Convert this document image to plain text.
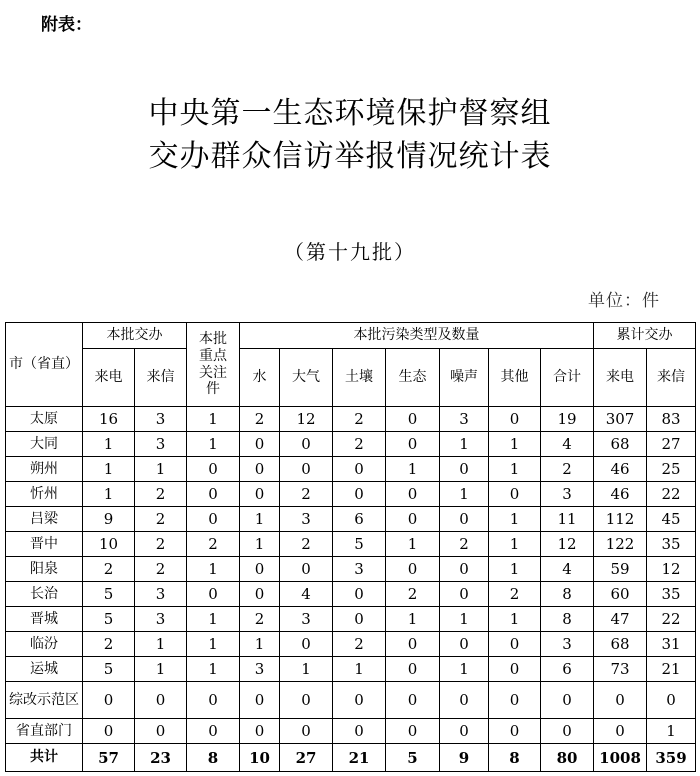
附表：
中央第一生态环境保护督察组
交办群众信访举报情况统计表
（第十九批）
单位：件
市（省直）	本批交办		本批重点关注件	本批污染类型及数量							累计交办	
	来电	来信		水	大气	土壤	生态	噪声	其他	合计	来电	来信
太原	16	3	1	2	12	2	0	3	0	19	307	83
大同	1	3	1	0	0	2	0	1	1	4	68	27
朔州	1	1	0	0	0	0	1	0	1	2	46	25
忻州	1	2	0	0	2	0	0	1	0	3	46	22
吕梁	9	2	0	1	3	6	0	0	1	11	112	45
晋中	10	2	2	1	2	5	1	2	1	12	122	35
阳泉	2	2	1	0	0	3	0	0	1	4	59	12
长治	5	3	0	0	4	0	2	0	2	8	60	35
晋城	5	3	1	2	3	0	1	1	1	8	47	22
临汾	2	1	1	1	0	2	0	0	0	3	68	31
运城	5	1	1	3	1	1	0	1	0	6	73	21
综改示范区	0	0	0	0	0	0	0	0	0	0	0	0
省直部门	0	0	0	0	0	0	0	0	0	0	0	1
共计	57	23	8	10	27	21	5	9	8	80	1008	359
